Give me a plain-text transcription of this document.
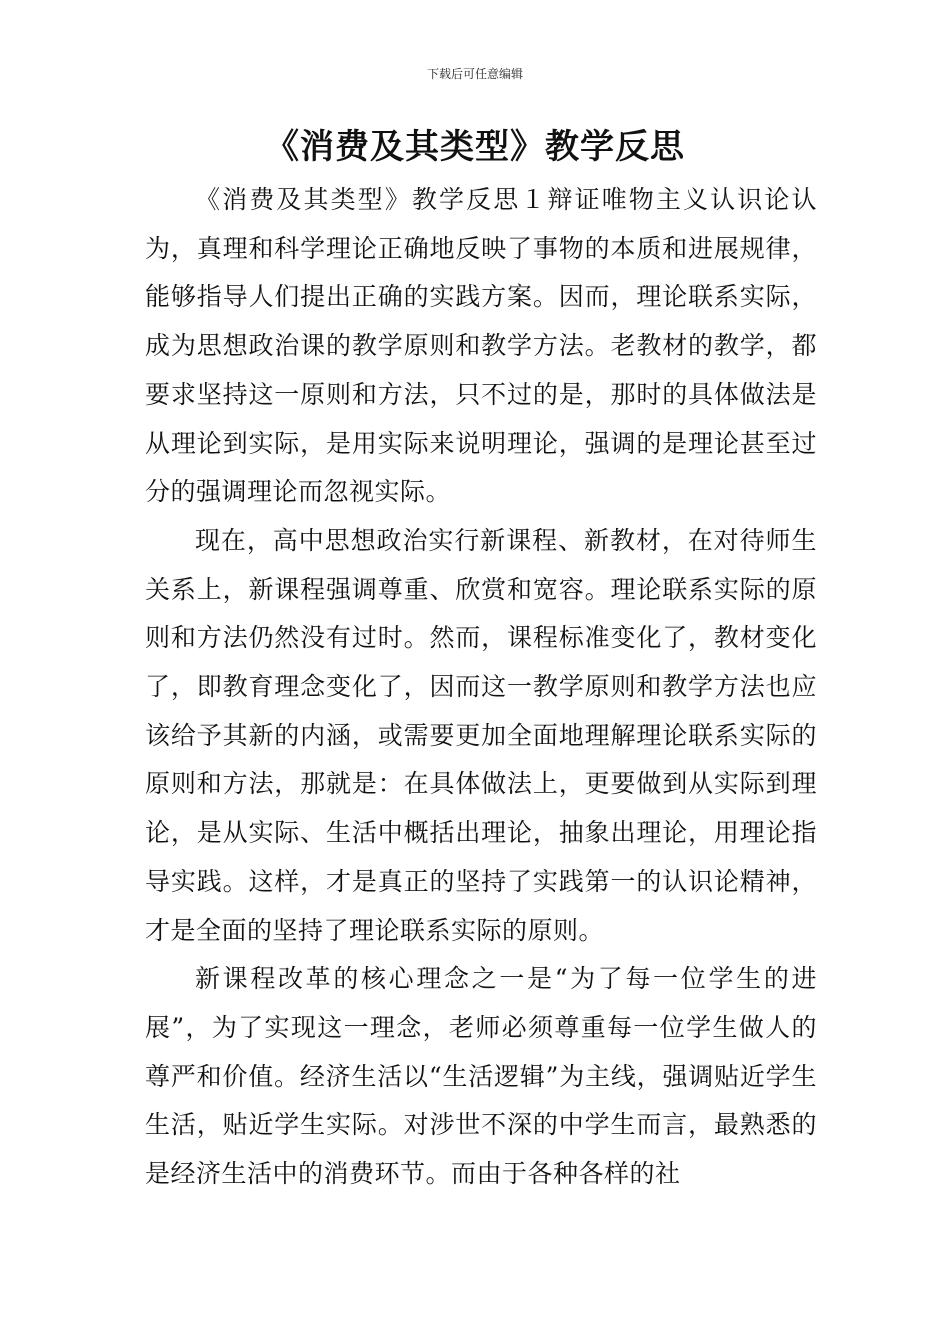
下载后可任意编辑
《消费及其类型》教学反思

《消费及其类型》教学反思１辩证唯物主义认识论认为，真理和科学理论正确地反映了事物的本质和进展规律，能够指导人们提出正确的实践方案。因而，理论联系实际，成为思想政治课的教学原则和教学方法。老教材的教学，都要求坚持这一原则和方法，只不过的是，那时的具体做法是从理论到实际，是用实际来说明理论，强调的是理论甚至过分的强调理论而忽视实际。

现在，高中思想政治实行新课程、新教材，在对待师生关系上，新课程强调尊重、欣赏和宽容。理论联系实际的原则和方法仍然没有过时。然而，课程标准变化了，教材变化了，即教育理念变化了，因而这一教学原则和教学方法也应该给予其新的内涵，或需要更加全面地理解理论联系实际的原则和方法，那就是：在具体做法上，更要做到从实际到理论，是从实际、生活中概括出理论，抽象出理论，用理论指导实践。这样，才是真正的坚持了实践第一的认识论精神，才是全面的坚持了理论联系实际的原则。

新课程改革的核心理念之一是“为了每一位学生的进展”，为了实现这一理念，老师必须尊重每一位学生做人的尊严和价值。经济生活以“生活逻辑”为主线，强调贴近学生生活，贴近学生实际。对涉世不深的中学生而言，最熟悉的是经济生活中的消费环节。而由于各种各样的社
